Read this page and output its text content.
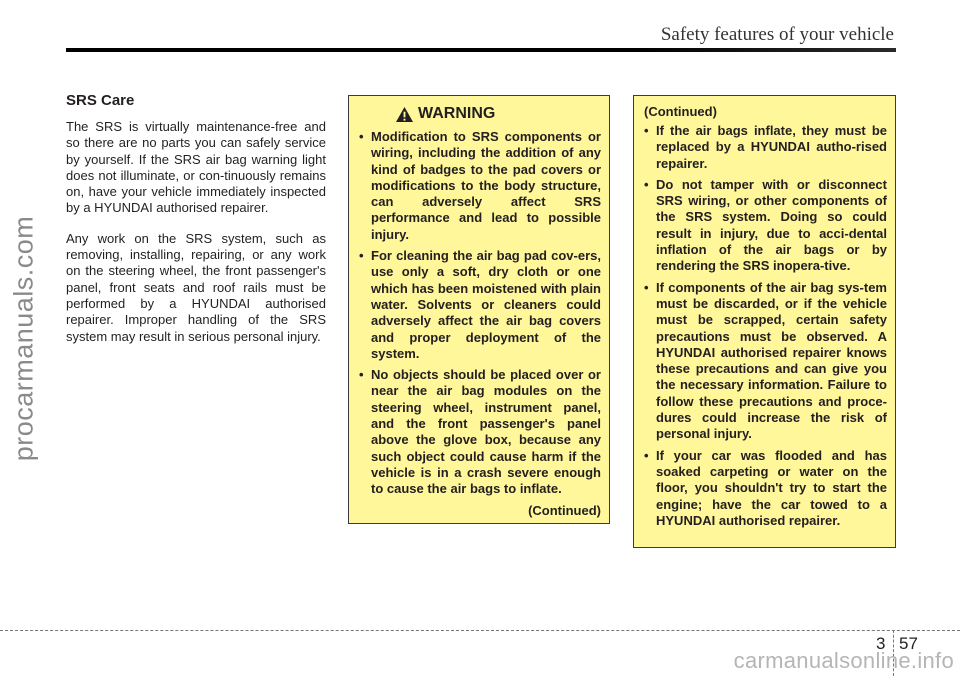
Safety features of your vehicle
procarmanuals.com
SRS Care

The SRS is virtually maintenance-free and so there are no parts you can safely service by yourself. If the SRS air bag warning light does not illuminate, or con-tinuously remains on, have your vehicle immediately inspected by a HYUNDAI authorised repairer.

Any work on the SRS system, such as removing, installing, repairing, or any work on the steering wheel, the front passenger's panel, front seats and roof rails must be performed by a HYUNDAI authorised repairer. Improper handling of the SRS system may result in serious personal injury.

WARNING
• Modification to SRS components or wiring, including the addition of any kind of badges to the pad covers or modifications to the body structure, can adversely affect SRS performance and lead to possible injury.
• For cleaning the air bag pad cov-ers, use only a soft, dry cloth or one which has been moistened with plain water. Solvents or cleaners could adversely affect the air bag covers and proper deployment of the system.
• No objects should be placed over or near the air bag modules on the steering wheel, instrument panel, and the front passenger's panel above the glove box, because any such object could cause harm if the vehicle is in a crash severe enough to cause the air bags to inflate.
(Continued)
(Continued)
• If the air bags inflate, they must be replaced by a HYUNDAI autho-rised repairer.
• Do not tamper with or disconnect SRS wiring, or other components of the SRS system. Doing so could result in injury, due to acci-dental inflation of the air bags or by rendering the SRS inopera-tive.
• If components of the air bag sys-tem must be discarded, or if the vehicle must be scrapped, certain safety precautions must be observed. A HYUNDAI authorised repairer knows these precautions and can give you the necessary information. Failure to follow these precautions and proce-dures could increase the risk of personal injury.
• If your car was flooded and has soaked carpeting or water on the floor, you shouldn't try to start the engine; have the car towed to a HYUNDAI authorised repairer.
3 57
carmanualsonline.info
